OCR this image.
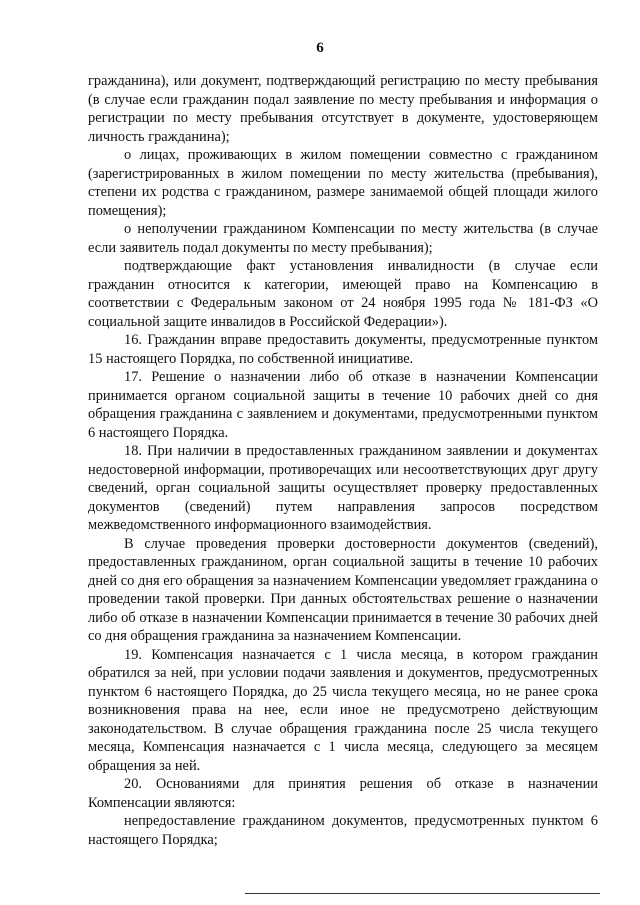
6

гражданина), или документ, подтверждающий регистрацию по месту пребывания (в случае если гражданин подал заявление по месту пребывания и информация о регистрации по месту пребывания отсутствует в документе, удостоверяющем личность гражданина);

о лицах, проживающих в жилом помещении совместно с гражданином (зарегистрированных в жилом помещении по месту жительства (пребывания), степени их родства с гражданином, размере занимаемой общей площади жилого помещения);

о неполучении гражданином Компенсации по месту жительства (в случае если заявитель подал документы по месту пребывания);

подтверждающие факт установления инвалидности (в случае если гражданин относится к категории, имеющей право на Компенсацию в соответствии с Федеральным законом от 24 ноября 1995 года № 181-ФЗ «О социальной защите инвалидов в Российской Федерации»).

16. Гражданин вправе предоставить документы, предусмотренные пунктом 15 настоящего Порядка, по собственной инициативе.

17. Решение о назначении либо об отказе в назначении Компенсации принимается органом социальной защиты в течение 10 рабочих дней со дня обращения гражданина с заявлением и документами, предусмотренными пунктом 6 настоящего Порядка.

18. При наличии в предоставленных гражданином заявлении и документах недостоверной информации, противоречащих или несоответствующих друг другу сведений, орган социальной защиты осуществляет проверку предоставленных документов (сведений) путем направления запросов посредством межведомственного информационного взаимодействия.

В случае проведения проверки достоверности документов (сведений), предоставленных гражданином, орган социальной защиты в течение 10 рабочих дней со дня его обращения за назначением Компенсации уведомляет гражданина о проведении такой проверки. При данных обстоятельствах решение о назначении либо об отказе в назначении Компенсации принимается в течение 30 рабочих дней со дня обращения гражданина за назначением Компенсации.

19. Компенсация назначается с 1 числа месяца, в котором гражданин обратился за ней, при условии подачи заявления и документов, предусмотренных пунктом 6 настоящего Порядка, до 25 числа текущего месяца, но не ранее срока возникновения права на нее, если иное не предусмотрено действующим законодательством. В случае обращения гражданина после 25 числа текущего месяца, Компенсация назначается с 1 числа месяца, следующего за месяцем обращения за ней.

20. Основаниями для принятия решения об отказе в назначении Компенсации являются:

непредоставление гражданином документов, предусмотренных пунктом 6 настоящего Порядка;
